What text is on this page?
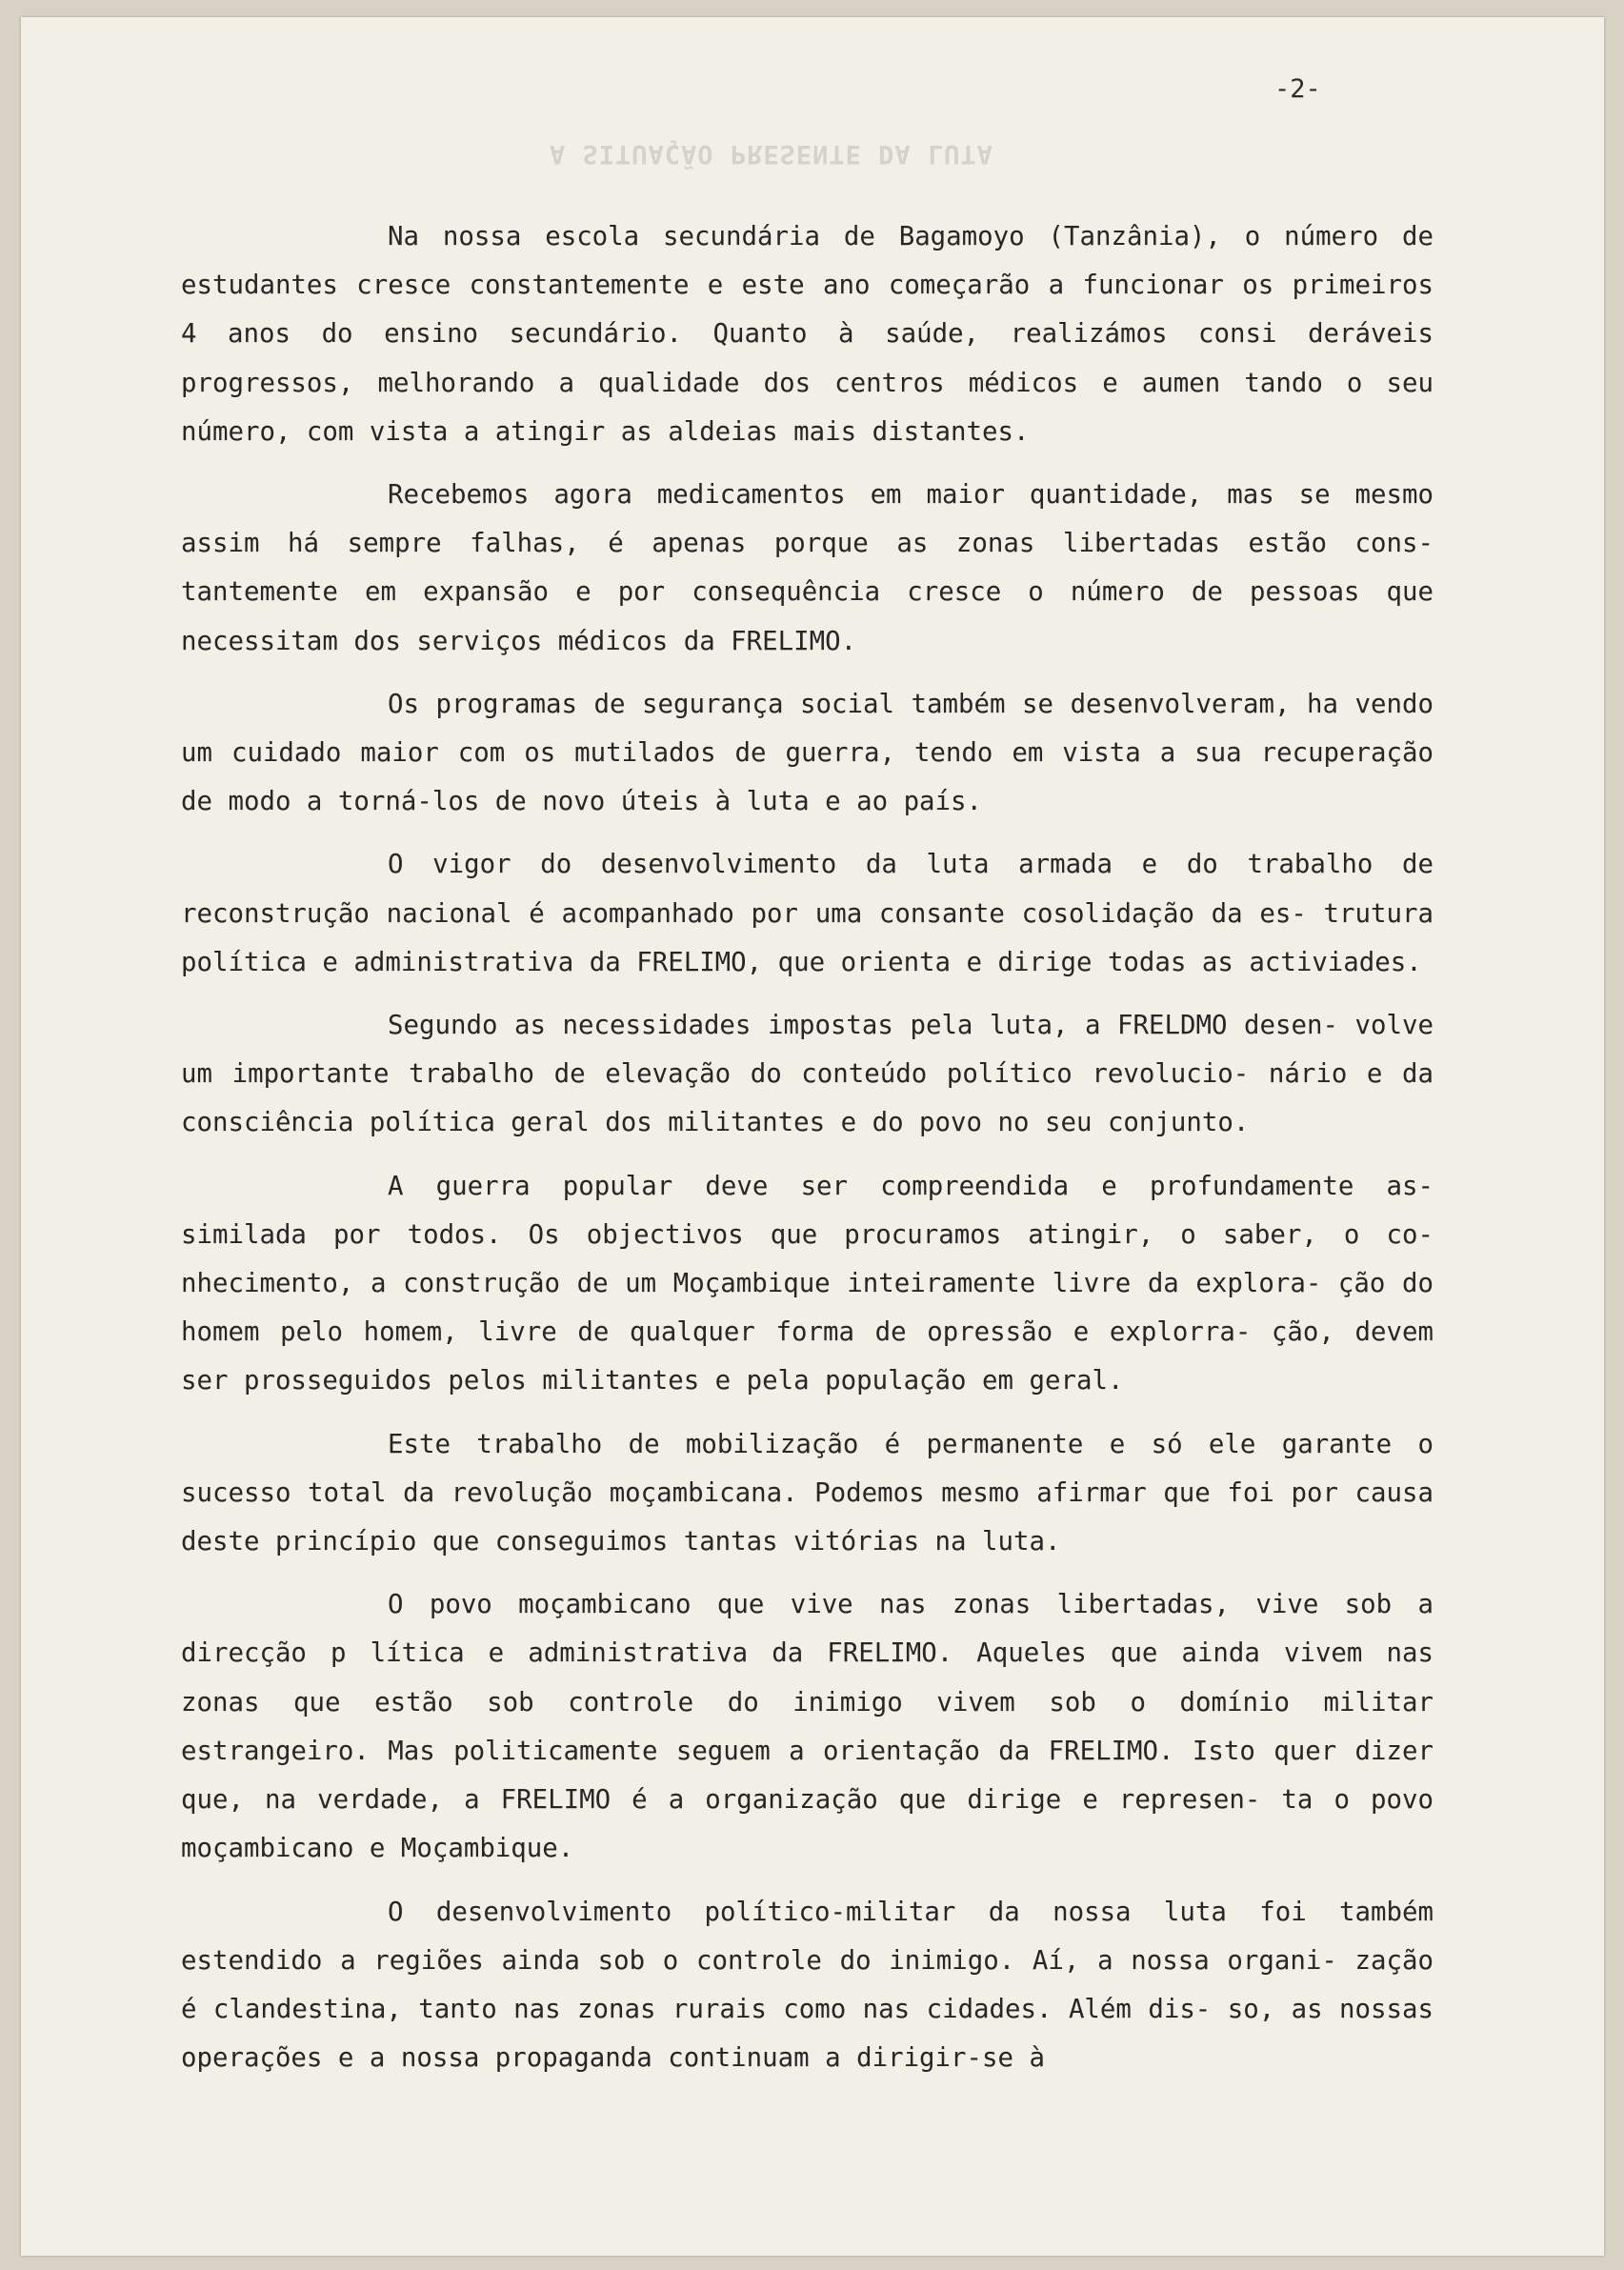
A SITUAÇÃO PRESENTE DA LUTA
-2-

Na nossa escola secundária de Bagamoyo (Tanzânia), o número de estudantes cresce constantemente e este ano começarão a funcionar os primeiros 4 anos do ensino secundário. Quanto à saúde, realizámos consi deráveis progressos, melhorando a qualidade dos centros médicos e aumen tando o seu número, com vista a atingir as aldeias mais distantes.

Recebemos agora medicamentos em maior quantidade, mas se mesmo assim há sempre falhas, é apenas porque as zonas libertadas estão cons- tantemente em expansão e por consequência cresce o número de pessoas que necessitam dos serviços médicos da FRELIMO.

Os programas de segurança social também se desenvolveram, ha vendo um cuidado maior com os mutilados de guerra, tendo em vista a sua recuperação de modo a torná-los de novo úteis à luta e ao país.

O vigor do desenvolvimento da luta armada e do trabalho de reconstrução nacional é acompanhado por uma consante cosolidação da es- trutura política e administrativa da FRELIMO, que orienta e dirige todas as activiades.

Segundo as necessidades impostas pela luta, a FRELDMO desen- volve um importante trabalho de elevação do conteúdo político revolucio- nário e da consciência política geral dos militantes e do povo no seu conjunto.

A guerra popular deve ser compreendida e profundamente as- similada por todos. Os objectivos que procuramos atingir, o saber, o co- nhecimento, a construção de um Moçambique inteiramente livre da explora- ção do homem pelo homem, livre de qualquer forma de opressão e explorra- ção, devem ser prosseguidos pelos militantes e pela população em geral.

Este trabalho de mobilização é permanente e só ele garante o sucesso total da revolução moçambicana. Podemos mesmo afirmar que foi por causa deste princípio que conseguimos tantas vitórias na luta.

O povo moçambicano que vive nas zonas libertadas, vive sob a direcção p lítica e administrativa da FRELIMO. Aqueles que ainda vivem nas zonas que estão sob controle do inimigo vivem sob o domínio militar estrangeiro. Mas politicamente seguem a orientação da FRELIMO. Isto quer dizer que, na verdade, a FRELIMO é a organização que dirige e represen- ta o povo moçambicano e Moçambique.

O desenvolvimento político-militar da nossa luta foi também estendido a regiões ainda sob o controle do inimigo. Aí, a nossa organi- zação é clandestina, tanto nas zonas rurais como nas cidades. Além dis- so, as nossas operações e a nossa propaganda continuam a dirigir-se à
